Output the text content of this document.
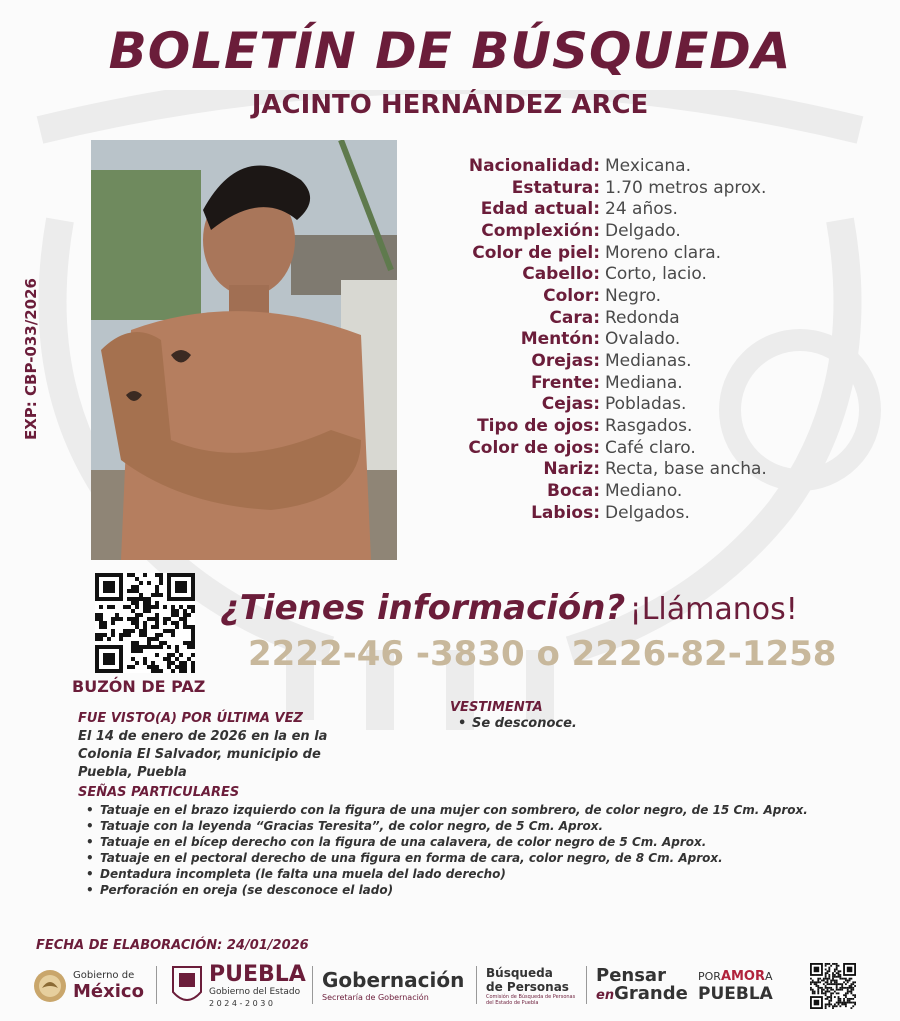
BOLETÍN DE BÚSQUEDA
JACINTO HERNÁNDEZ ARCE
EXP: CBP-033/2026
Nacionalidad: Mexicana.
Estatura: 1.70 metros aprox.
Edad actual: 24 años.
Complexión: Delgado.
Color de piel: Moreno clara.
Cabello: Corto, lacio.
Color: Negro.
Cara: Redonda
Mentón: Ovalado.
Orejas: Medianas.
Frente: Mediana.
Cejas: Pobladas.
Tipo de ojos: Rasgados.
Color de ojos: Café claro.
Nariz: Recta, base ancha.
Boca: Mediano.
Labios: Delgados.
BUZÓN DE PAZ
¿Tienes información? ¡Llámanos!
2222-46 -3830 o 2226-82-1258
FUE VISTO(A) POR ÚLTIMA VEZ
El 14 de enero de 2026 en la en la Colonia El Salvador, municipio de Puebla, Puebla
VESTIMENTA
• Se desconoce.
SEÑAS PARTICULARES
• Tatuaje en el brazo izquierdo con la figura de una mujer con sombrero, de color negro, de 15 Cm. Aprox.
• Tatuaje con la leyenda “Gracias Teresita”, de color negro, de 5 Cm. Aprox.
• Tatuaje en el bícep derecho con la figura de una calavera, de color negro de 5 Cm. Aprox.
• Tatuaje en el pectoral derecho de una figura en forma de cara, color negro, de 8 Cm. Aprox.
• Dentadura incompleta (le falta una muela del lado derecho)
• Perforación en oreja (se desconoce el lado)
FECHA DE ELABORACIÓN: 24/01/2026
Gobierno de
México
PUEBLA
Gobierno del Estado
2 0 2 4 - 2 0 3 0
Gobernación
Secretaría de Gobernación
Búsqueda
de Personas
Comisión de Búsqueda de Personas del Estado de Puebla
Pensar
enGrande
PORAMORA
PUEBLA
